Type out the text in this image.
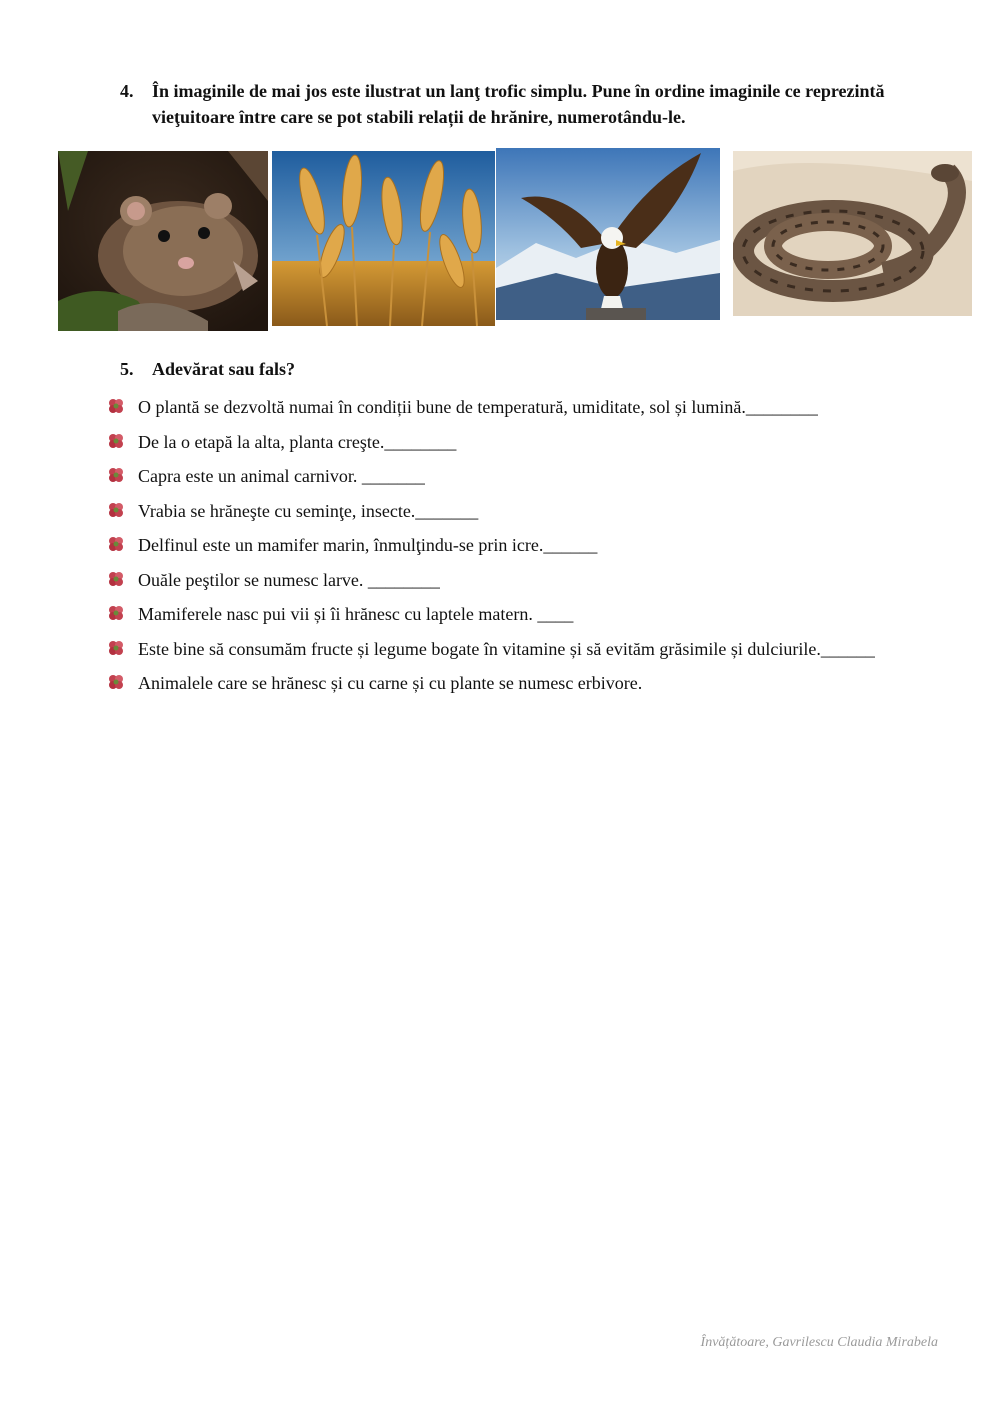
4.	În imaginile de mai jos este ilustrat un lanţ trofic simplu. Pune în ordine imaginile ce reprezintă vieţuitoare între care se pot stabili relații de hrănire, numerotându-le.

5.	Adevărat sau fals?

O plantă se dezvoltă numai în condiții bune de temperatură, umiditate, sol și lumină.________
De la o etapă la alta, planta creşte.________
Capra este un animal carnivor. _______
Vrabia se hrăneşte cu seminţe, insecte._______
Delfinul este un mamifer marin, înmulţindu-se prin icre.______
Ouăle peştilor se numesc larve. ________
Mamiferele nasc pui vii și îi hrănesc cu laptele matern. ____
Este bine să consumăm fructe și legume bogate în vitamine și să evităm grăsimile și dulciurile.______
Animalele care se hrănesc și cu carne și cu plante se numesc erbivore.
Învățătoare, Gavrilescu Claudia Mirabela
